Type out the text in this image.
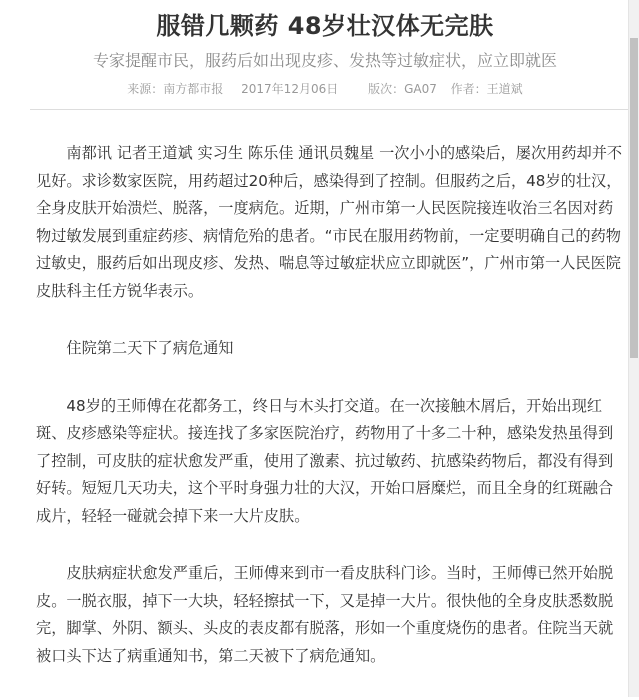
服错几颗药 48岁壮汉体无完肤
专家提醒市民，服药后如出现皮疹、发热等过敏症状，应立即就医
来源：南方都市报 2017年12月06日 版次：GA07 作者：王道斌

　　南都讯 记者王道斌 实习生 陈乐佳 通讯员魏星 一次小小的感染后，屡次用药却并不见好。求诊数家医院，用药超过20种后，感染得到了控制。但服药之后，48岁的壮汉，全身皮肤开始溃烂、脱落，一度病危。近期，广州市第一人民医院接连收治三名因对药物过敏发展到重症药疹、病情危殆的患者。“市民在服用药物前，一定要明确自己的药物过敏史，服药后如出现皮疹、发热、喘息等过敏症状应立即就医”，广州市第一人民医院皮肤科主任方锐华表示。

　　住院第二天下了病危通知

　　48岁的王师傅在花都务工，终日与木头打交道。在一次接触木屑后，开始出现红斑、皮疹感染等症状。接连找了多家医院治疗，药物用了十多二十种，感染发热虽得到了控制，可皮肤的症状愈发严重，使用了激素、抗过敏药、抗感染药物后，都没有得到好转。短短几天功夫，这个平时身强力壮的大汉，开始口唇糜烂，而且全身的红斑融合成片，轻轻一碰就会掉下来一大片皮肤。

　　皮肤病症状愈发严重后，王师傅来到市一看皮肤科门诊。当时，王师傅已然开始脱皮。一脱衣服，掉下一大块，轻轻擦拭一下，又是掉一大片。很快他的全身皮肤悉数脱完，脚掌、外阴、额头、头皮的表皮都有脱落，形如一个重度烧伤的患者。住院当天就被口头下达了病重通知书，第二天被下了病危通知。
